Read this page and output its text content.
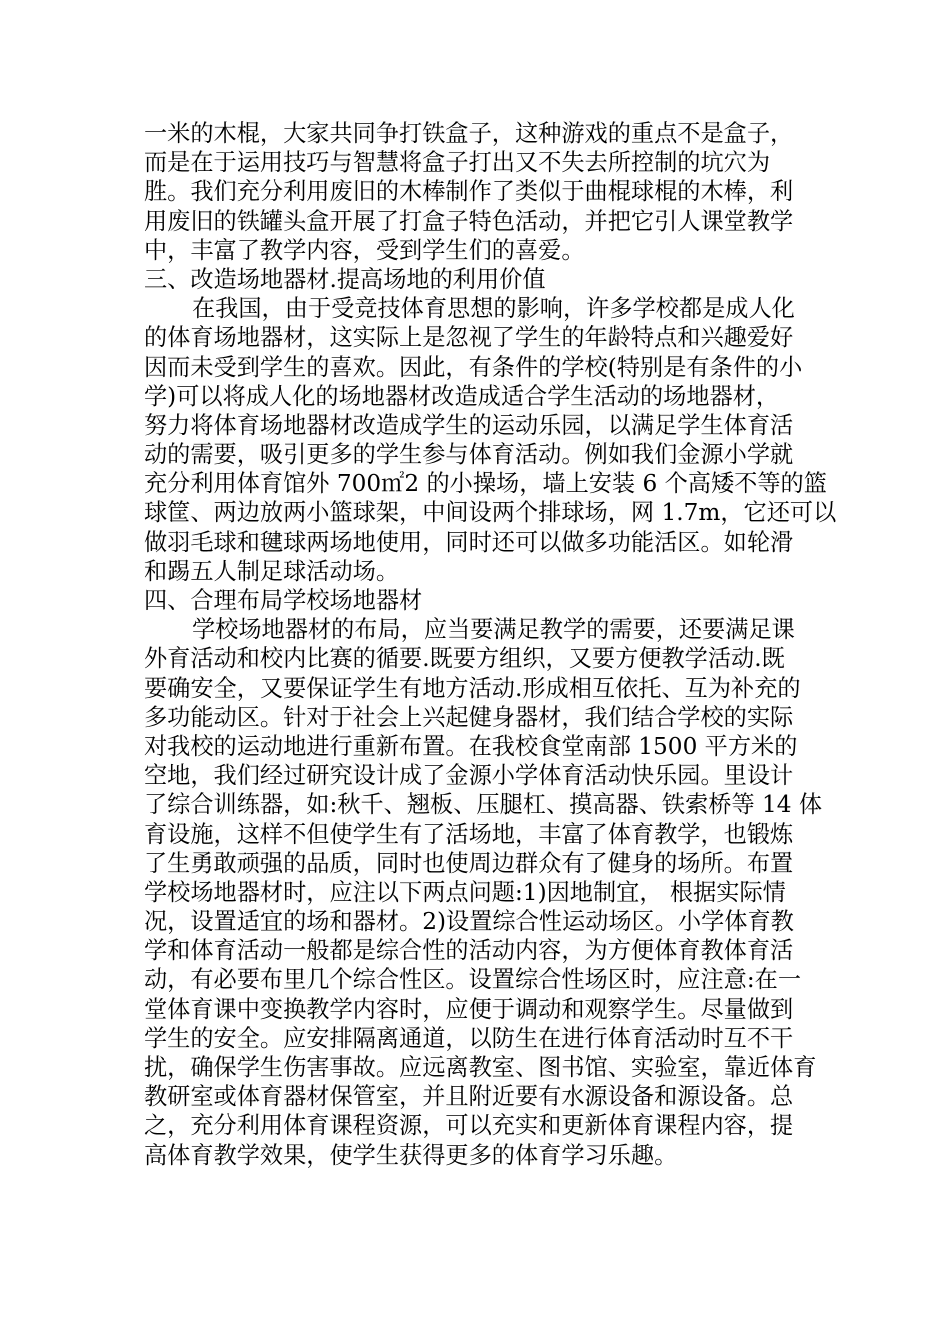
一米的木棍，大家共同争打铁盒子，这种游戏的重点不是盒子，
而是在于运用技巧与智慧将盒子打出又不失去所控制的坑穴为
胜。我们充分利用废旧的木棒制作了类似于曲棍球棍的木棒，利
用废旧的铁罐头盒开展了打盒子特色活动，并把它引人课堂教学
中，丰富了教学内容，受到学生们的喜爱。
三、改造场地器材.提高场地的利用价值
在我国，由于受竞技体育思想的影响，许多学校都是成人化
的体育场地器材，这实际上是忽视了学生的年龄特点和兴趣爱好
因而未受到学生的喜欢。因此，有条件的学校(特别是有条件的小
学)可以将成人化的场地器材改造成适合学生活动的场地器材，
努力将体育场地器材改造成学生的运动乐园，以满足学生体育活
动的需要，吸引更多的学生参与体育活动。例如我们金源小学就
充分利用体育馆外 700㎡2 的小操场，墙上安装 6 个高矮不等的篮
球筐、两边放两小篮球架，中间设两个排球场，网 1.7m，它还可以
做羽毛球和毽球两场地使用，同时还可以做多功能活区。如轮滑
和踢五人制足球活动场。
四、合理布局学校场地器材
学校场地器材的布局，应当要满足教学的需要，还要满足课
外育活动和校内比赛的循要.既要方组织，又要方便教学活动.既
要确安全，又要保证学生有地方活动.形成相互依托、互为补充的
多功能动区。针对于社会上兴起健身器材，我们结合学校的实际
对我校的运动地进行重新布置。在我校食堂南部 1500 平方米的
空地，我们经过研究设计成了金源小学体育活动快乐园。里设计
了综合训练器，如:秋千、翘板、压腿杠、摸高器、铁索桥等 14 体
育设施，这样不但使学生有了活场地，丰富了体育教学，也锻炼
了生勇敢顽强的品质，同时也使周边群众有了健身的场所。布置
学校场地器材时，应注以下两点问题:1)因地制宜， 根据实际情
况，设置适宜的场和器材。2)设置综合性运动场区。小学体育教
学和体育活动一般都是综合性的活动内容，为方便体育教体育活
动，有必要布里几个综合性区。设置综合性场区时，应注意:在一
堂体育课中变换教学内容时，应便于调动和观察学生。尽量做到
学生的安全。应安排隔离通道，以防生在进行体育活动时互不干
扰，确保学生伤害事故。应远离教室、图书馆、实验室，靠近体育
教研室或体育器材保管室，并且附近要有水源设备和源设备。总
之，充分利用体育课程资源，可以充实和更新体育课程内容，提
高体育教学效果，使学生获得更多的体育学习乐趣。
